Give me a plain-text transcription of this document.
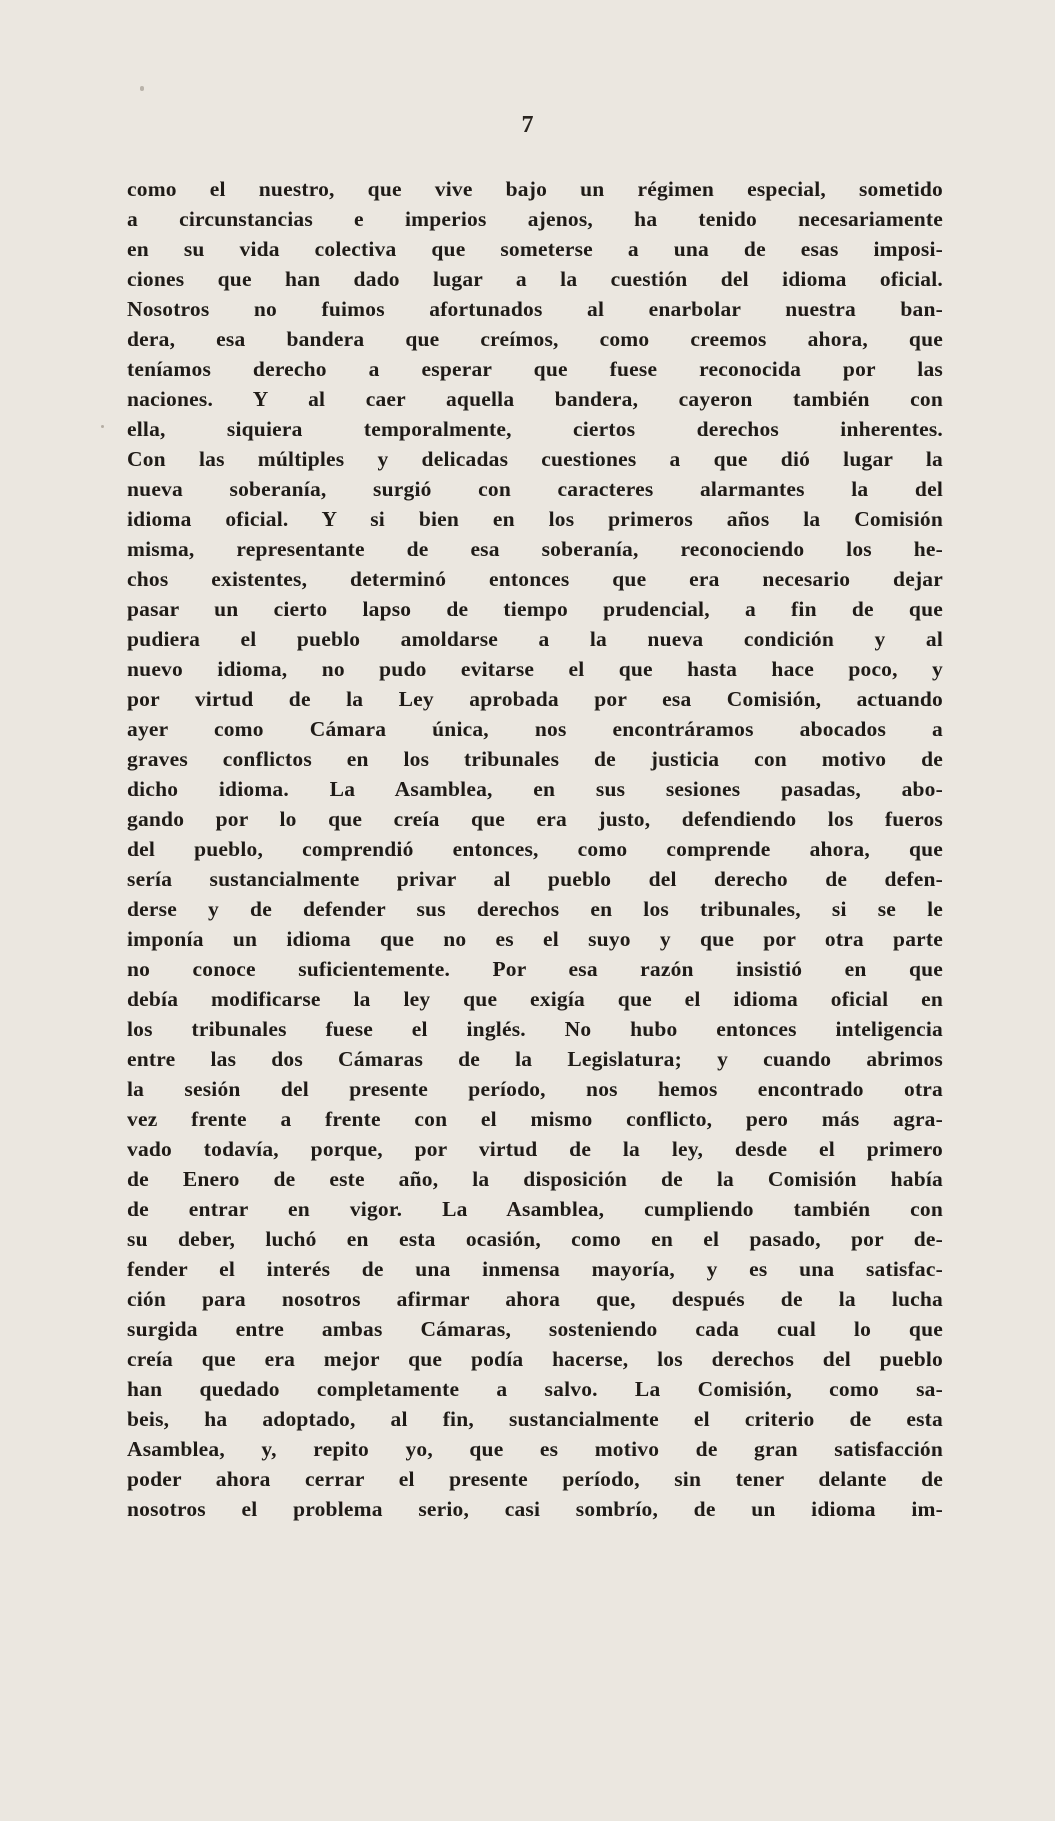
7
como el nuestro, que vive bajo un régimen especial, sometido
a circunstancias e imperios ajenos, ha tenido necesariamente
en su vida colectiva que someterse a una de esas imposi-
ciones que han dado lugar a la cuestión del idioma oficial.
Nosotros no fuimos afortunados al enarbolar nuestra ban-
dera, esa bandera que creímos, como creemos ahora, que
teníamos derecho a esperar que fuese reconocida por las
naciones. Y al caer aquella bandera, cayeron también con
ella, siquiera temporalmente, ciertos derechos inherentes.
Con las múltiples y delicadas cuestiones a que dió lugar la
nueva soberanía, surgió con caracteres alarmantes la del
idioma oficial. Y si bien en los primeros años la Comisión
misma, representante de esa soberanía, reconociendo los he-
chos existentes, determinó entonces que era necesario dejar
pasar un cierto lapso de tiempo prudencial, a fin de que
pudiera el pueblo amoldarse a la nueva condición y al
nuevo idioma, no pudo evitarse el que hasta hace poco, y
por virtud de la Ley aprobada por esa Comisión, actuando
ayer como Cámara única, nos encontráramos abocados a
graves conflictos en los tribunales de justicia con motivo de
dicho idioma. La Asamblea, en sus sesiones pasadas, abo-
gando por lo que creía que era justo, defendiendo los fueros
del pueblo, comprendió entonces, como comprende ahora, que
sería sustancialmente privar al pueblo del derecho de defen-
derse y de defender sus derechos en los tribunales, si se le
imponía un idioma que no es el suyo y que por otra parte
no conoce suficientemente. Por esa razón insistió en que
debía modificarse la ley que exigía que el idioma oficial en
los tribunales fuese el inglés. No hubo entonces inteligencia
entre las dos Cámaras de la Legislatura; y cuando abrimos
la sesión del presente período, nos hemos encontrado otra
vez frente a frente con el mismo conflicto, pero más agra-
vado todavía, porque, por virtud de la ley, desde el primero
de Enero de este año, la disposición de la Comisión había
de entrar en vigor. La Asamblea, cumpliendo también con
su deber, luchó en esta ocasión, como en el pasado, por de-
fender el interés de una inmensa mayoría, y es una satisfac-
ción para nosotros afirmar ahora que, después de la lucha
surgida entre ambas Cámaras, sosteniendo cada cual lo que
creía que era mejor que podía hacerse, los derechos del pueblo
han quedado completamente a salvo. La Comisión, como sa-
beis, ha adoptado, al fin, sustancialmente el criterio de esta
Asamblea, y, repito yo, que es motivo de gran satisfacción
poder ahora cerrar el presente período, sin tener delante de
nosotros el problema serio, casi sombrío, de un idioma im-
